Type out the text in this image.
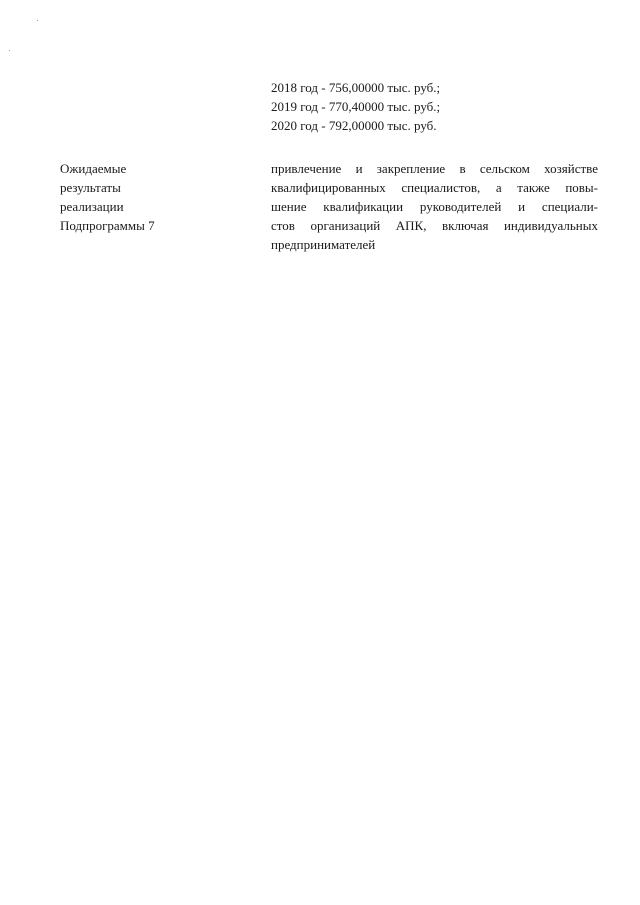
2018 год - 756,00000 тыс. руб.;
2019 год - 770,40000 тыс. руб.;
2020 год - 792,00000 тыс. руб.
Ожидаемые
результаты
реализации
Подпрограммы 7
привлечение и закрепление в сельском хозяйстве
квалифицированных специалистов, а также повы-
шение квалификации руководителей и специали-
стов организаций АПК, включая индивидуальных
предпринимателей
